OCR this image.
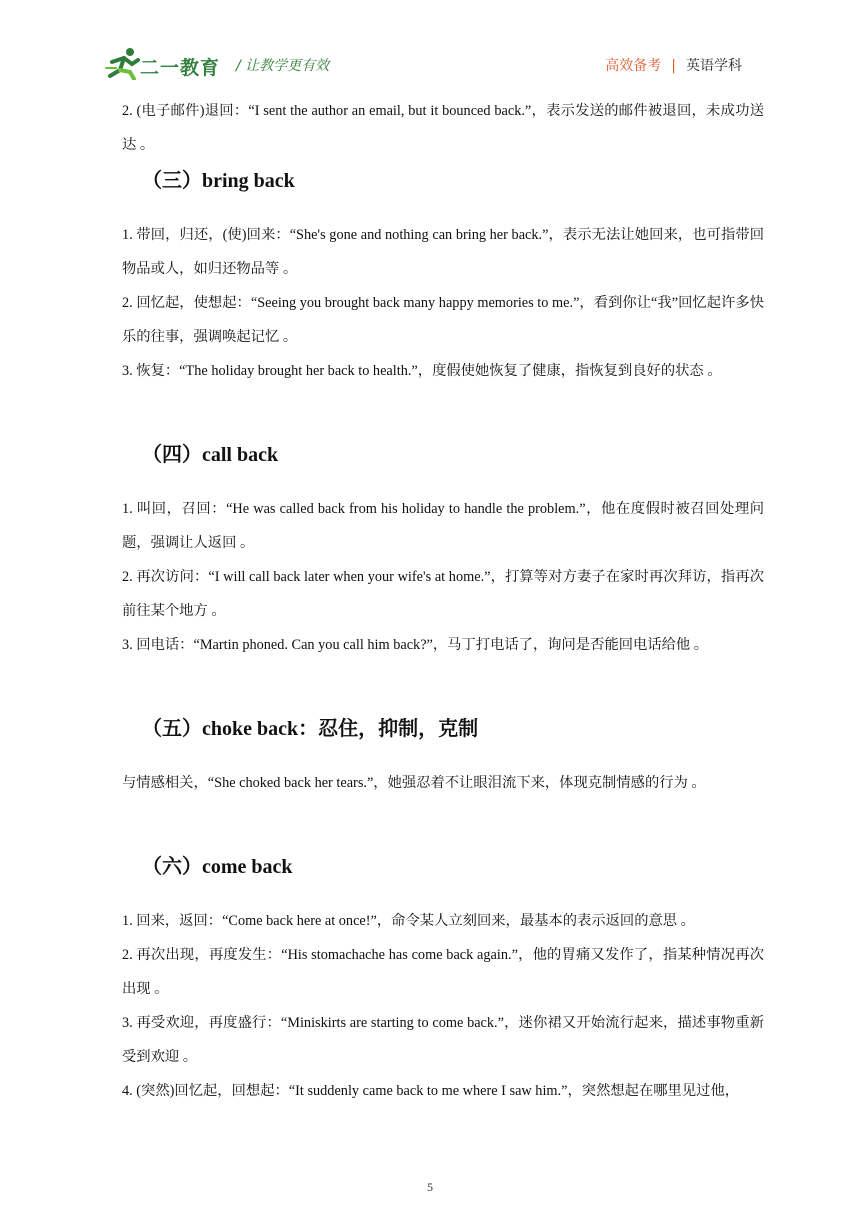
二一教育 / 让教学更有效	高效备考 | 英语学科

2. (电子邮件)退回：“I sent the author an email, but it bounced back.”，表示发送的邮件被退回，未成功送达 。

（三）bring back

1. 带回，归还，(使)回来：“She's gone and nothing can bring her back.”，表示无法让她回来，也可指带回物品或人，如归还物品等 。

2. 回忆起，使想起：“Seeing you brought back many happy memories to me.”，看到你让“我”回忆起许多快乐的往事，强调唤起记忆 。

3. 恢复：“The holiday brought her back to health.”，度假使她恢复了健康，指恢复到良好的状态 。

（四）call back

1. 叫回，召回：“He was called back from his holiday to handle the problem.”，他在度假时被召回处理问题，强调让人返回 。

2. 再次访问：“I will call back later when your wife's at home.”，打算等对方妻子在家时再次拜访，指再次前往某个地方 。

3. 回电话：“Martin phoned. Can you call him back?”，马丁打电话了，询问是否能回电话给他 。

（五）choke back：忍住，抑制，克制

与情感相关，“She choked back her tears.”，她强忍着不让眼泪流下来，体现克制情感的行为 。

（六）come back

1. 回来，返回：“Come back here at once!”，命令某人立刻回来，最基本的表示返回的意思 。

2. 再次出现，再度发生：“His stomachache has come back again.”，他的胃痛又发作了，指某种情况再次出现 。

3. 再受欢迎，再度盛行：“Miniskirts are starting to come back.”，迷你裙又开始流行起来，描述事物重新受到欢迎 。

4. (突然)回忆起，回想起：“It suddenly came back to me where I saw him.”，突然想起在哪里见过他，

5
